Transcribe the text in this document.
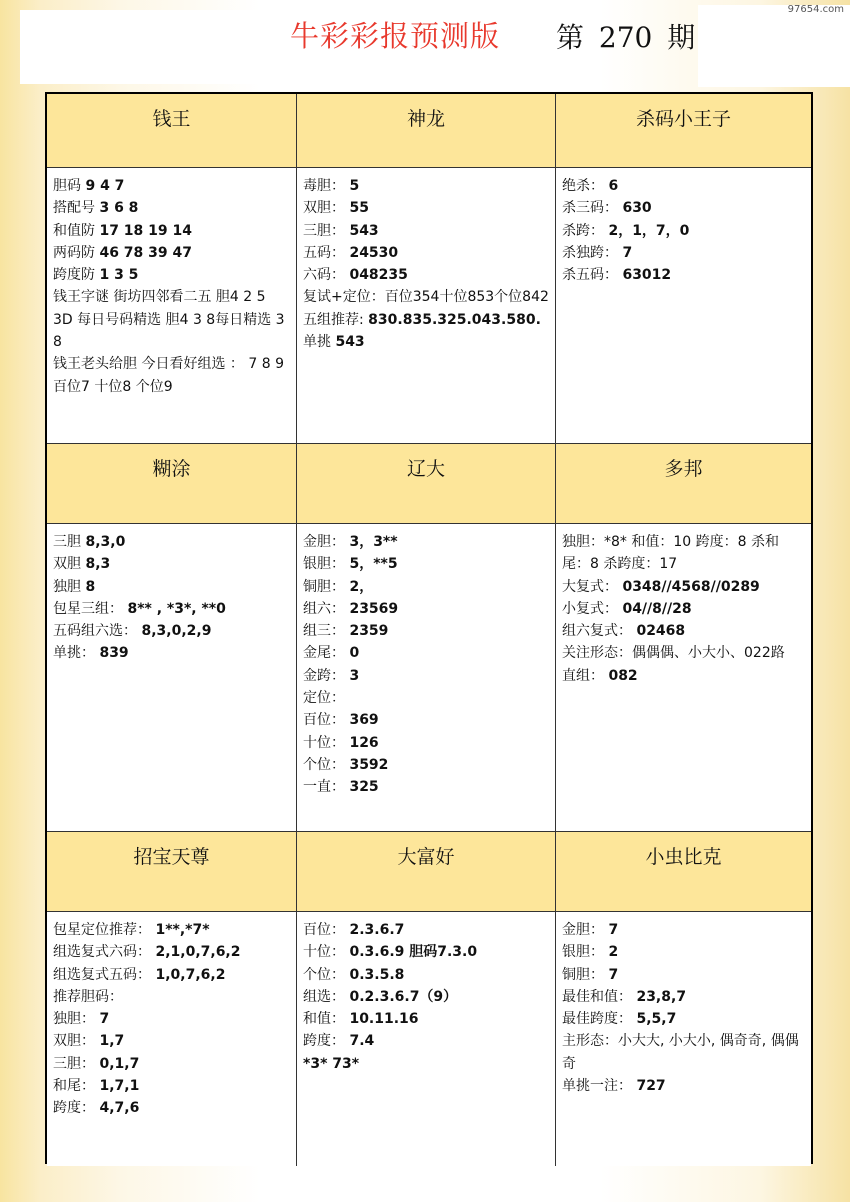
牛彩彩报预测版 第 270 期
97654.com
钱王	神龙	杀码小王子
胆码 9 4 7
搭配号 3 6 8
和值防 17 18 19 14
两码防 46 78 39 47
跨度防 1 3 5
钱王字谜 街坊四邻看二五 胆4 2 5
3D 每日号码精选 胆4 3 8每日精选 3 8
钱王老头给胆 今日看好组选 ： 7 8 9百位7 十位8 个位9
毒胆： 5
双胆： 55
三胆： 543
五码： 24530
六码： 048235
复试+定位：百位354十位853个位842
五组推荐: 830.835.325.043.580.
单挑 543
绝杀： 6
杀三码： 630
杀跨： 2，1，7，0
杀独跨： 7
杀五码： 63012
糊涂	辽大	多邦
三胆 8,3,0
双胆 8,3
独胆 8
包星三组： 8** , *3*, **0
五码组六选： 8,3,0,2,9
单挑： 839
金胆： 3，3**
银胆： 5，**5
铜胆： 2，
组六： 23569
组三： 2359
金尾： 0
金跨： 3
定位：
百位： 369
十位： 126
个位： 3592
一直： 325
独胆：*8* 和值：10 跨度：8 杀和尾：8 杀跨度：17
大复式： 0348//4568//0289
小复式： 04//8//28
组六复式： 02468
关注形态：偶偶偶、小大小、022路
直组： 082
招宝天尊	大富好	小虫比克
包星定位推荐： 1**,*7*
组选复式六码： 2,1,0,7,6,2
组选复式五码： 1,0,7,6,2
推荐胆码：
独胆： 7
双胆： 1,7
三胆： 0,1,7
和尾： 1,7,1
跨度： 4,7,6
百位： 2.3.6.7
十位： 0.3.6.9 胆码7.3.0
个位： 0.3.5.8
组选： 0.2.3.6.7（9）
和值： 10.11.16
跨度： 7.4
*3* 73*
金胆： 7
银胆： 2
铜胆： 7
最佳和值： 23,8,7
最佳跨度： 5,5,7
主形态：小大大, 小大小, 偶奇奇, 偶偶奇
单挑一注： 727
